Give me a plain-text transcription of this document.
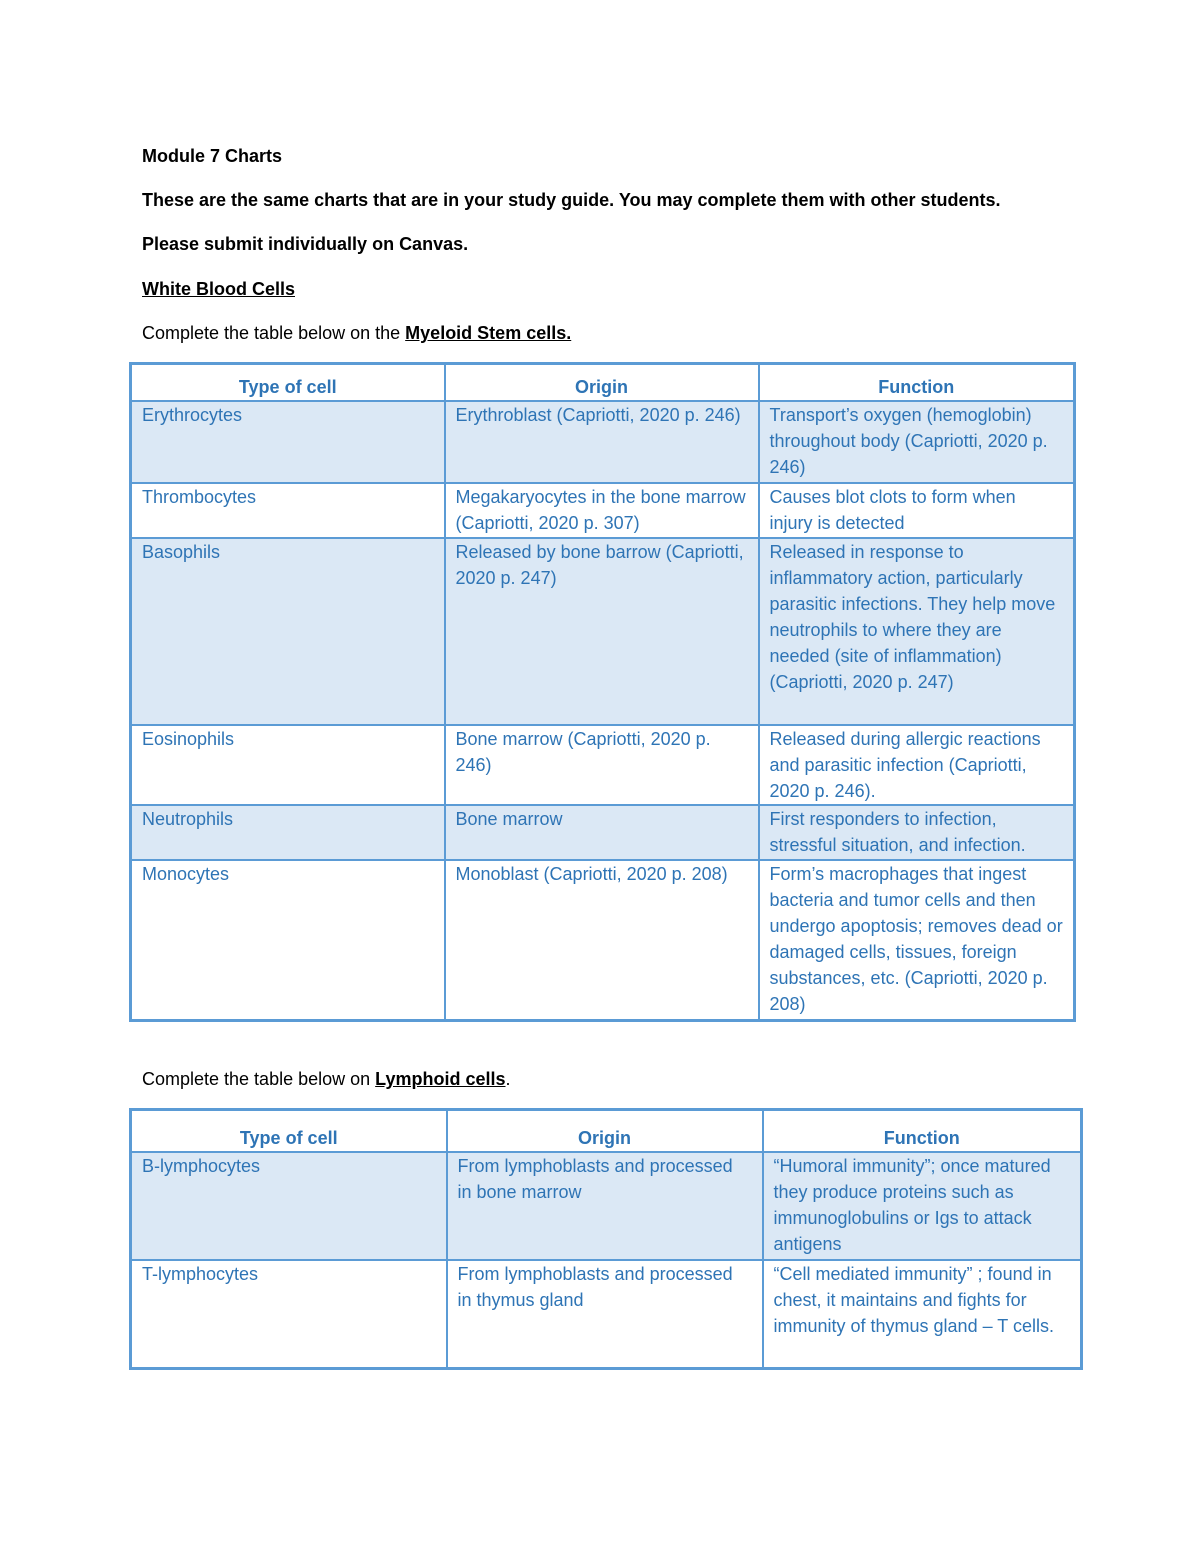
Module 7 Charts
These are the same charts that are in your study guide. You may complete them with other students.
Please submit individually on Canvas.
White Blood Cells
Complete the table below on the Myeloid Stem cells.
Type of cell	Origin	Function
Erythrocytes	Erythroblast (Capriotti, 2020 p. 246)	Transport’s oxygen (hemoglobin) throughout body (Capriotti, 2020 p. 246)
Thrombocytes	Megakaryocytes in the bone marrow (Capriotti, 2020 p. 307)	Causes blot clots to form when injury is detected
Basophils	Released by bone barrow (Capriotti, 2020 p. 247)	Released in response to inflammatory action, particularly parasitic infections. They help move neutrophils to where they are needed (site of inflammation) (Capriotti, 2020 p. 247)
Eosinophils	Bone marrow (Capriotti, 2020 p. 246)	Released during allergic reactions and parasitic infection (Capriotti, 2020 p. 246).
Neutrophils	Bone marrow	First responders to infection, stressful situation, and infection.
Monocytes	Monoblast (Capriotti, 2020 p. 208)	Form’s macrophages that ingest bacteria and tumor cells and then undergo apoptosis; removes dead or damaged cells, tissues, foreign substances, etc. (Capriotti, 2020 p. 208)
Complete the table below on Lymphoid cells.
Type of cell	Origin	Function
B-lymphocytes	From lymphoblasts and processed in bone marrow	“Humoral immunity”; once matured they produce proteins such as immunoglobulins or Igs to attack antigens
T-lymphocytes	From lymphoblasts and processed in thymus gland	“Cell mediated immunity” ; found in chest, it maintains and fights for immunity of thymus gland – T cells.
